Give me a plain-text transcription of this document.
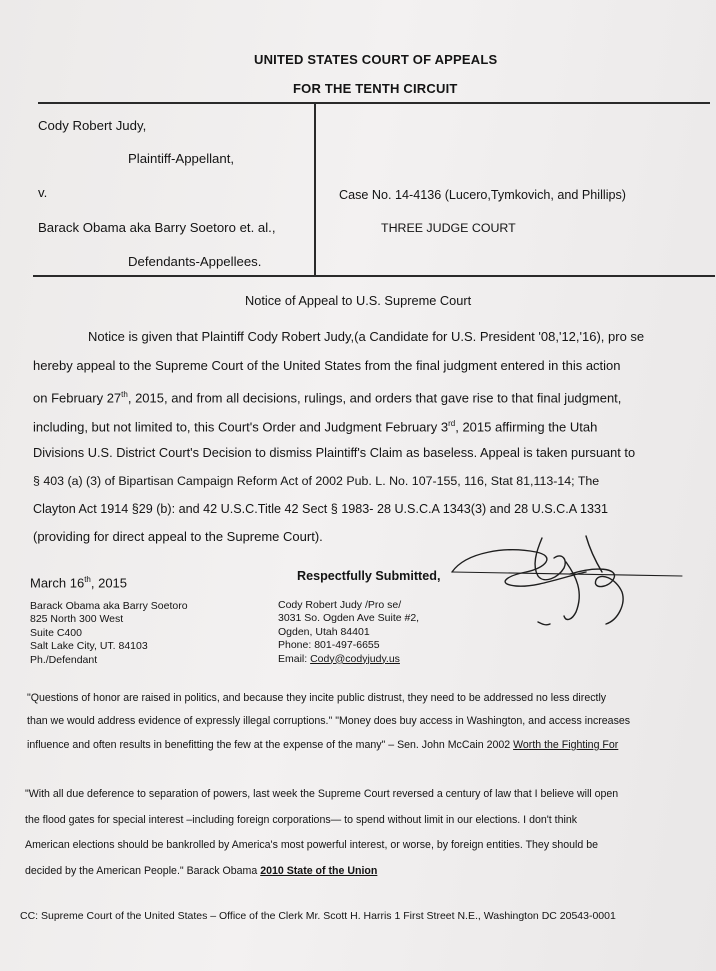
UNITED STATES COURT OF APPEALS
FOR THE TENTH CIRCUIT
Cody Robert Judy,
Plaintiff-Appellant,
v.
Barack Obama aka Barry Soetoro et. al.,
Defendants-Appellees.
Case No. 14-4136 (Lucero,Tymkovich, and Phillips)
THREE JUDGE COURT
Notice of Appeal to U.S. Supreme Court
Notice is given that Plaintiff Cody Robert Judy,(a Candidate for U.S. President '08,'12,'16), pro se
hereby appeal to the Supreme Court of the United States from the final judgment entered in this action
on February 27th, 2015, and from all decisions, rulings, and orders that gave rise to that final judgment,
including, but not limited to, this Court's Order and Judgment February 3rd, 2015 affirming the Utah
Divisions U.S. District Court's Decision to dismiss Plaintiff's Claim as baseless. Appeal is taken pursuant to
§ 403 (a) (3) of Bipartisan Campaign Reform Act of 2002 Pub. L. No. 107-155, 116, Stat 81,113-14; The
Clayton Act 1914 §29 (b): and 42 U.S.C.Title 42 Sect § 1983- 28 U.S.C.A 1343(3) and 28 U.S.C.A 1331
(providing for direct appeal to the Supreme Court).
March 16th, 2015	Respectfully Submitted,
Barack Obama aka Barry Soetoro
825 North 300 West
Suite C400
Salt Lake City, UT. 84103
Ph./Defendant
Cody Robert Judy /Pro se/
3031 So. Ogden Ave Suite #2,
Ogden, Utah 84401
Phone: 801-497-6655
Email: Cody@codyjudy.us
"Questions of honor are raised in politics, and because they incite public distrust, they need to be addressed no less directly
than we would address evidence of expressly illegal corruptions." "Money does buy access in Washington, and access increases
influence and often results in benefitting the few at the expense of the many" – Sen. John McCain 2002 Worth the Fighting For
"With all due deference to separation of powers, last week the Supreme Court reversed a century of law that I believe will open
the flood gates for special interest –including foreign corporations— to spend without limit in our elections. I don't think
American elections should be bankrolled by America's most powerful interest, or worse, by foreign entities. They should be
decided by the American People." Barack Obama 2010 State of the Union
CC: Supreme Court of the United States – Office of the Clerk Mr. Scott H. Harris 1 First Street N.E., Washington DC 20543-0001
